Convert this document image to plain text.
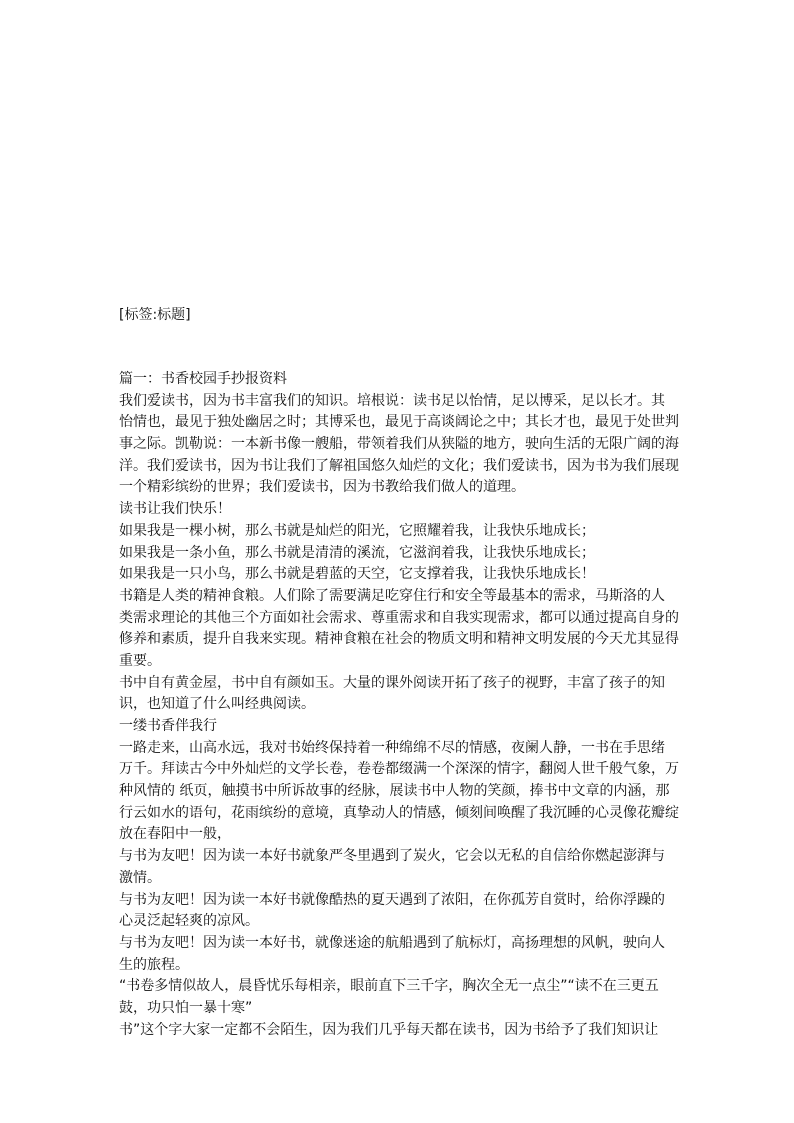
[标签:标题]
篇一：书香校园手抄报资料
我们爱读书，因为书丰富我们的知识。培根说：读书足以怡情，足以博采，足以长才。其
怡情也，最见于独处幽居之时；其博采也，最见于高谈阔论之中；其长才也，最见于处世判
事之际。凯勒说：一本新书像一艘船，带领着我们从狭隘的地方，驶向生活的无限广阔的海
洋。我们爱读书，因为书让我们了解祖国悠久灿烂的文化；我们爱读书，因为书为我们展现
一个精彩缤纷的世界；我们爱读书，因为书教给我们做人的道理。
读书让我们快乐！
如果我是一棵小树，那么书就是灿烂的阳光，它照耀着我，让我快乐地成长；
如果我是一条小鱼，那么书就是清清的溪流，它滋润着我，让我快乐地成长；
如果我是一只小鸟，那么书就是碧蓝的天空，它支撑着我，让我快乐地成长！
书籍是人类的精神食粮。人们除了需要满足吃穿住行和安全等最基本的需求，马斯洛的人
类需求理论的其他三个方面如社会需求、尊重需求和自我实现需求，都可以通过提高自身的
修养和素质，提升自我来实现。精神食粮在社会的物质文明和精神文明发展的今天尤其显得
重要。
书中自有黄金屋，书中自有颜如玉。大量的课外阅读开拓了孩子的视野，丰富了孩子的知
识，也知道了什么叫经典阅读。
一缕书香伴我行
一路走来，山高水远，我对书始终保持着一种绵绵不尽的情感，夜阑人静，一书在手思绪
万千。拜读古今中外灿烂的文学长卷，卷卷都缀满一个深深的情字，翻阅人世千般气象，万
种风情的 纸页，触摸书中所诉故事的经脉，展读书中人物的笑颜，捧书中文章的内涵，那
行云如水的语句，花雨缤纷的意境，真挚动人的情感，倾刻间唤醒了我沉睡的心灵像花瓣绽
放在春阳中一般，
与书为友吧！因为读一本好书就象严冬里遇到了炭火，它会以无私的自信给你燃起澎湃与
激情。
与书为友吧！因为读一本好书就像酷热的夏天遇到了浓阳，在你孤芳自赏时，给你浮躁的
心灵泛起轻爽的凉风。
与书为友吧！因为读一本好书，就像迷途的航船遇到了航标灯，高扬理想的风帆，驶向人
生的旅程。
“书卷多情似故人，晨昏忧乐每相亲，眼前直下三千字，胸次全无一点尘”“读不在三更五
鼓，功只怕一暴十寒”
书”这个字大家一定都不会陌生，因为我们几乎每天都在读书，因为书给予了我们知识让
